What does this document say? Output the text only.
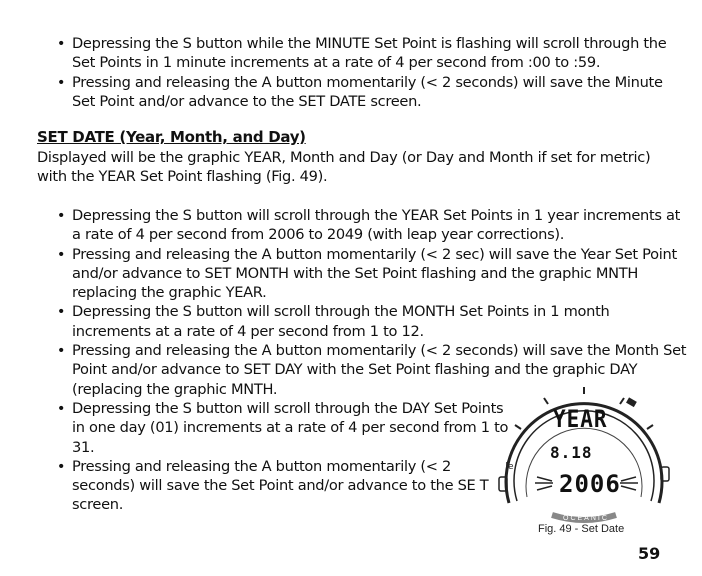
• Depressing the S button while the MINUTE Set Point is flashing will scroll through the Set Points in 1 minute increments at a rate of 4 per second from :00 to :59.
• Pressing and releasing the A button momentarily (< 2 seconds) will save the Minute Set Point and/or advance to the SET DATE screen.
SET DATE (Year, Month, and Day)
Displayed will be the graphic YEAR, Month and Day (or Day and Month if set for metric) with the YEAR Set Point flashing (Fig. 49).
• Depressing the S button will scroll through the YEAR Set Points in 1 year increments at a rate of 4 per second from 2006 to 2049 (with leap year corrections).
• Pressing and releasing the A button momentarily (< 2 sec) will save the Year Set Point and/or advance to SET MONTH with the Set Point flashing and the graphic MNTH replacing the graphic YEAR.
• Depressing the S button will scroll through the MONTH Set Points in 1 month increments at a rate of 4 per second from 1 to 12.
• Pressing and releasing the A button momentarily (< 2 seconds) will save the Month Set Point and/or advance to SET DAY with the Set Point flashing and the graphic DAY (replacing the graphic MNTH.
• Depressing the S button will scroll through the DAY Set Points in one day (01) increments at a rate of 4 per second from 1 to 31.
• Pressing and releasing the A button momentarily (< 2 seconds) will save the Set Point and/or advance to the SE T screen.
|e
YEAR
8.18
2006
OCEANIC
Fig. 49 - Set Date
59
